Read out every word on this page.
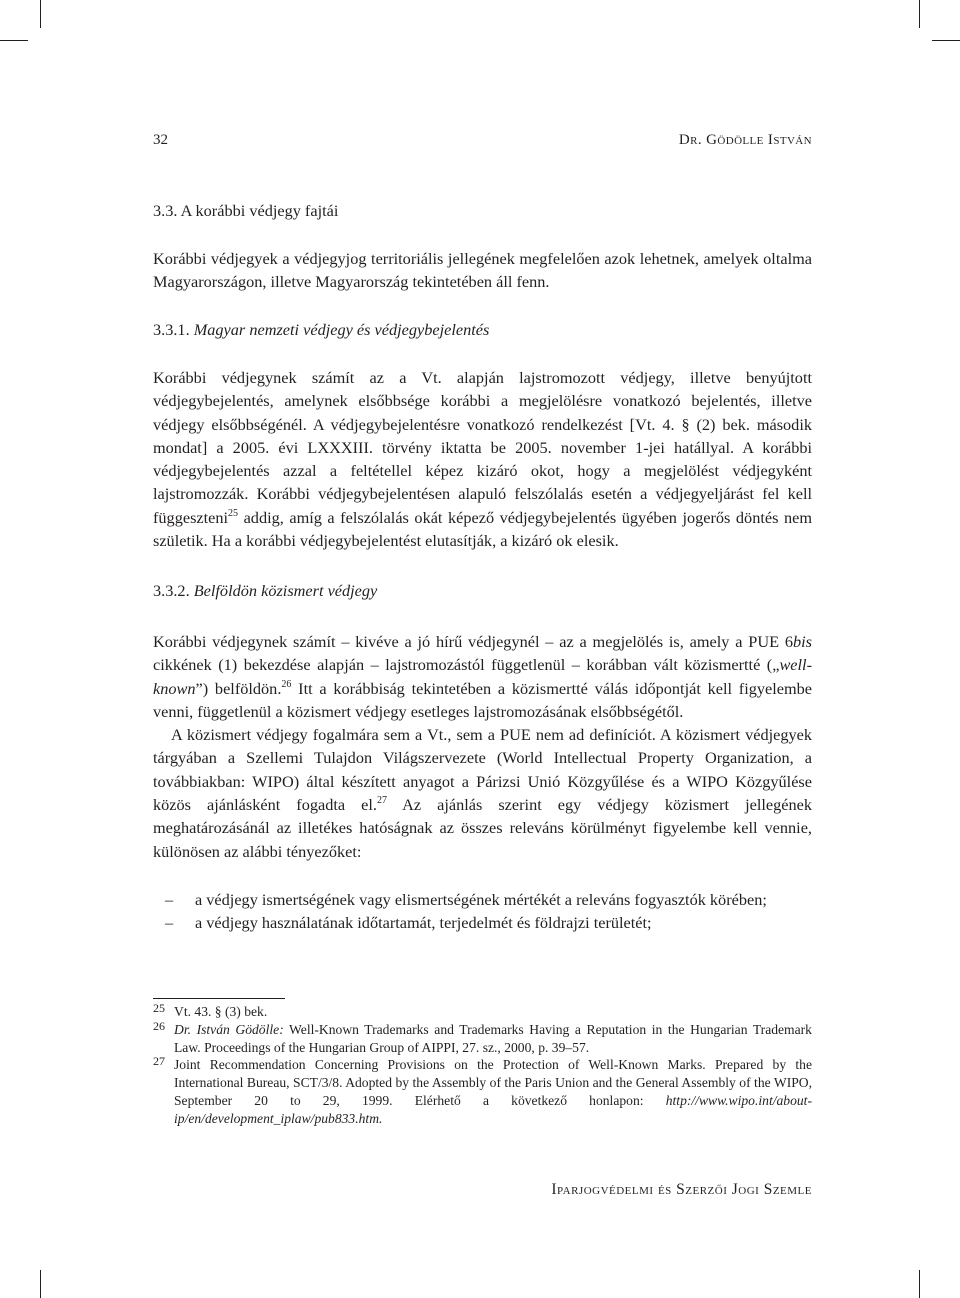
32	Dr. Gödölle István
3.3. A korábbi védjegy fajtái

Korábbi védjegyek a védjegyjog territoriális jellegének megfelelően azok lehetnek, amelyek oltalma Magyarországon, illetve Magyarország tekintetében áll fenn.

3.3.1. Magyar nemzeti védjegy és védjegybejelentés

Korábbi védjegynek számít az a Vt. alapján lajstromozott védjegy, illetve benyújtott védjegybejelentés, amelynek elsőbbsége korábbi a megjelölésre vonatkozó bejelentés, illetve védjegy elsőbbségénél. A védjegybejelentésre vonatkozó rendelkezést [Vt. 4. § (2) bek. második mondat] a 2005. évi LXXXIII. törvény iktatta be 2005. november 1-jei hatállyal. A korábbi védjegybejelentés azzal a feltétellel képez kizáró okot, hogy a megjelölést védjegyként lajstromozzák. Korábbi védjegybejelentésen alapuló felszólalás esetén a védjegyeljárást fel kell függeszteni$^{25}$ addig, amíg a felszólalás okát képező védjegybejelentés ügyében jogerős döntés nem születik. Ha a korábbi védjegybejelentést elutasítják, a kizáró ok elesik.

3.3.2. Belföldön közismert védjegy

Korábbi védjegynek számít – kivéve a jó hírű védjegynél – az a megjelölés is, amely a PUE 6bis cikkének (1) bekezdése alapján – lajstromozástól függetlenül – korábban vált közismertté („well-known”) belföldön.$^{26}$ Itt a korábbiság tekintetében a közismertté válás időpontját kell figyelembe venni, függetlenül a közismert védjegy esetleges lajstromozásának elsőbbségétől.

A közismert védjegy fogalmára sem a Vt., sem a PUE nem ad definíciót. A közismert védjegyek tárgyában a Szellemi Tulajdon Világszervezete (World Intellectual Property Organization, a továbbiakban: WIPO) által készített anyagot a Párizsi Unió Közgyűlése és a WIPO Közgyűlése közös ajánlásként fogadta el.$^{27}$ Az ajánlás szerint egy védjegy közismert jellegének meghatározásánál az illetékes hatóságnak az összes releváns körülményt figyelembe kell vennie, különösen az alábbi tényezőket:

– a védjegy ismertségének vagy elismertségének mértékét a releváns fogyasztók körében;
– a védjegy használatának időtartamát, terjedelmét és földrajzi területét;
25 Vt. 43. § (3) bek.
26 Dr. István Gödölle: Well-Known Trademarks and Trademarks Having a Reputation in the Hungarian Trademark Law. Proceedings of the Hungarian Group of AIPPI, 27. sz., 2000, p. 39–57.
27 Joint Recommendation Concerning Provisions on the Protection of Well-Known Marks. Prepared by the International Bureau, SCT/3/8. Adopted by the Assembly of the Paris Union and the General Assembly of the WIPO, September 20 to 29, 1999. Elérhető a következő honlapon: http://www.wipo.int/about-ip/en/development_iplaw/pub833.htm.
Iparjogvédelmi és Szerzői Jogi Szemle
